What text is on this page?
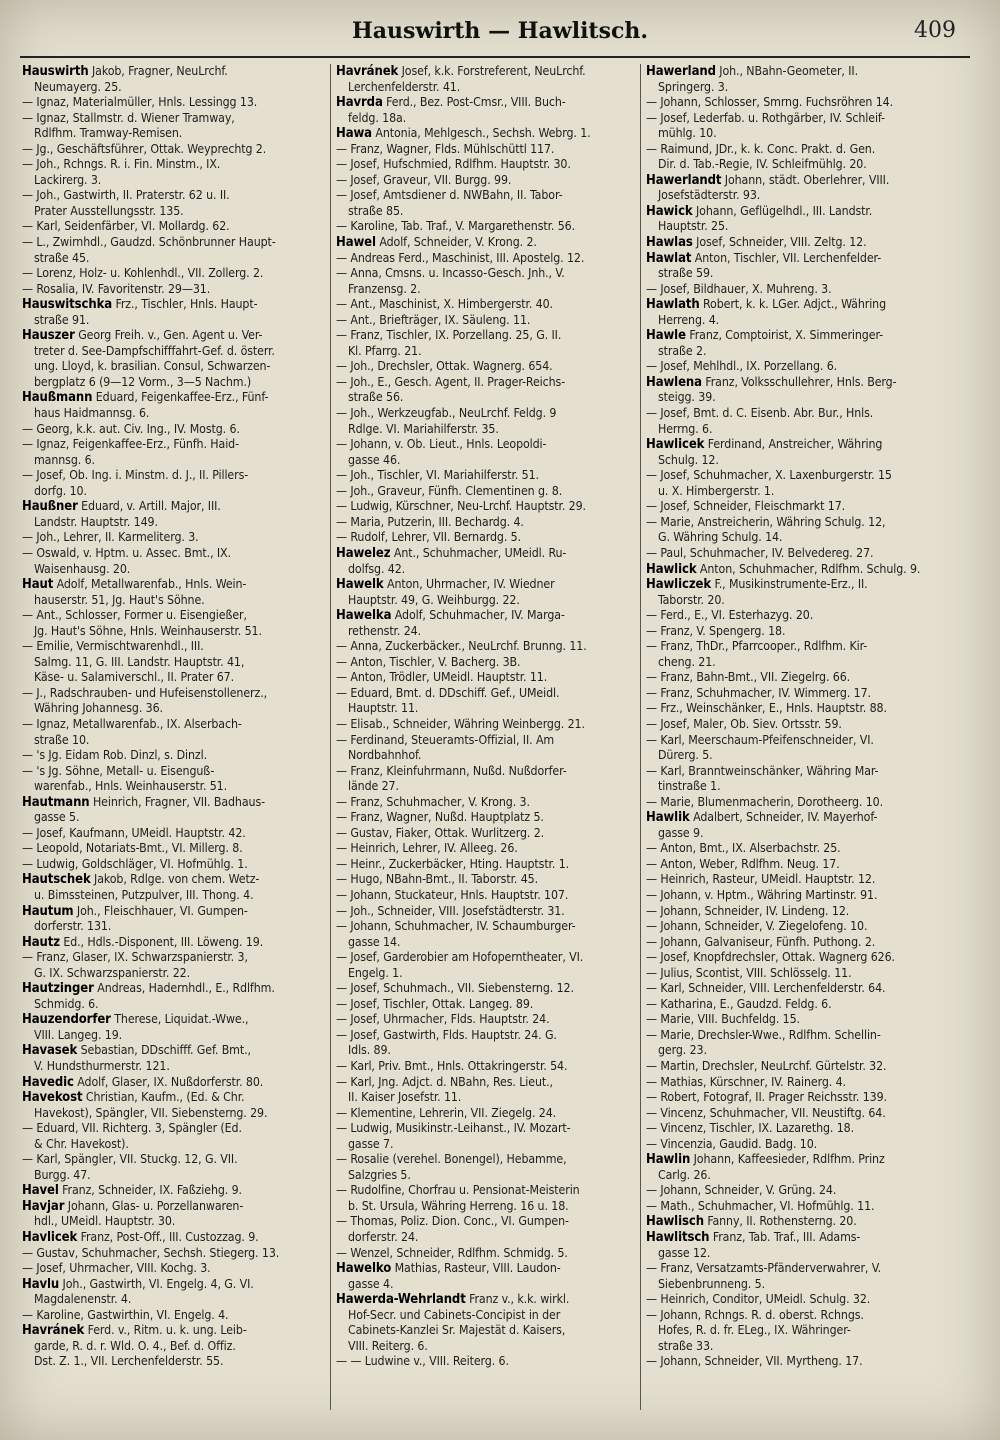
Hauswirth — Hawlitsch.	409
Hauswirth Jakob, Fragner, NeuLrchf.
Neumayerg. 25.
— Ignaz, Materialmüller, Hnls. Lessingg 13.
— Ignaz, Stallmstr. d. Wiener Tramway,
Rdlfhm. Tramway-Remisen.
— Jg., Geschäftsführer, Ottak. Weyprechtg 2.
— Joh., Rchngs. R. i. Fin. Minstm., IX.
Lackirerg. 3.
— Joh., Gastwirth, II. Praterstr. 62 u. II.
Prater Ausstellungsstr. 135.
— Karl, Seidenfärber, VI. Mollardg. 62.
— L., Zwirnhdl., Gaudzd. Schönbrunner Haupt-
straße 45.
— Lorenz, Holz- u. Kohlenhdl., VII. Zollerg. 2.
— Rosalia, IV. Favoritenstr. 29—31.
Hauswitschka Frz., Tischler, Hnls. Haupt-
straße 91.
Hauszer Georg Freih. v., Gen. Agent u. Ver-
treter d. See-Dampfschifffahrt-Gef. d. österr.
ung. Lloyd, k. brasilian. Consul, Schwarzen-
bergplatz 6 (9—12 Vorm., 3—5 Nachm.)
Haußmann Eduard, Feigenkaffee-Erz., Fünf-
haus Haidmannsg. 6.
— Georg, k.k. aut. Civ. Ing., IV. Mostg. 6.
— Ignaz, Feigenkaffee-Erz., Fünfh. Haid-
mannsg. 6.
— Josef, Ob. Ing. i. Minstm. d. J., II. Pillers-
dorfg. 10.
Haußner Eduard, v. Artill. Major, III.
Landstr. Hauptstr. 149.
— Joh., Lehrer, II. Karmeliterg. 3.
— Oswald, v. Hptm. u. Assec. Bmt., IX.
Waisenhausg. 20.
Haut Adolf, Metallwarenfab., Hnls. Wein-
hauserstr. 51, Jg. Haut's Söhne.
— Ant., Schlosser, Former u. Eisengießer,
Jg. Haut's Söhne, Hnls. Weinhauserstr. 51.
— Emilie, Vermischtwarenhdl., III.
Salmg. 11, G. III. Landstr. Hauptstr. 41,
Käse- u. Salamiverschl., II. Prater 67.
— J., Radschrauben- und Hufeisenstollenerz.,
Währing Johannesg. 36.
— Ignaz, Metallwarenfab., IX. Alserbach-
straße 10.
— 's Jg. Eidam Rob. Dinzl, s. Dinzl.
— 's Jg. Söhne, Metall- u. Eisenguß-
warenfab., Hnls. Weinhauserstr. 51.
Hautmann Heinrich, Fragner, VII. Badhaus-
gasse 5.
— Josef, Kaufmann, UMeidl. Hauptstr. 42.
— Leopold, Notariats-Bmt., VI. Millerg. 8.
— Ludwig, Goldschläger, VI. Hofmühlg. 1.
Hautschek Jakob, Rdlge. von chem. Wetz-
u. Bimssteinen, Putzpulver, III. Thong. 4.
Hautum Joh., Fleischhauer, VI. Gumpen-
dorferstr. 131.
Hautz Ed., Hdls.-Disponent, III. Löweng. 19.
— Franz, Glaser, IX. Schwarzspanierstr. 3,
G. IX. Schwarzspanierstr. 22.
Hautzinger Andreas, Hadernhdl., E., Rdlfhm.
Schmidg. 6.
Hauzendorfer Therese, Liquidat.-Wwe.,
VIII. Langeg. 19.
Havasek Sebastian, DDschifff. Gef. Bmt.,
V. Hundsthurmerstr. 121.
Havedic Adolf, Glaser, IX. Nußdorferstr. 80.
Havekost Christian, Kaufm., (Ed. & Chr.
Havekost), Spängler, VII. Siebensterng. 29.
— Eduard, VII. Richterg. 3, Spängler (Ed.
& Chr. Havekost).
— Karl, Spängler, VII. Stuckg. 12, G. VII.
Burgg. 47.
Havel Franz, Schneider, IX. Faßziehg. 9.
Havjar Johann, Glas- u. Porzellanwaren-
hdl., UMeidl. Hauptstr. 30.
Havlicek Franz, Post-Off., III. Custozzag. 9.
— Gustav, Schuhmacher, Sechsh. Stiegerg. 13.
— Josef, Uhrmacher, VIII. Kochg. 3.
Havlu Joh., Gastwirth, VI. Engelg. 4, G. VI.
Magdalenenstr. 4.
— Karoline, Gastwirthin, VI. Engelg. 4.
Havránek Ferd. v., Ritm. u. k. ung. Leib-
garde, R. d. r. Wld. O. 4., Bef. d. Offiz.
Dst. Z. 1., VII. Lerchenfelderstr. 55.
Havránek Josef, k.k. Forstreferent, NeuLrchf.
Lerchenfelderstr. 41.
Havrda Ferd., Bez. Post-Cmsr., VIII. Buch-
feldg. 18a.
Hawa Antonia, Mehlgesch., Sechsh. Webrg. 1.
— Franz, Wagner, Flds. Mühlschüttl 117.
— Josef, Hufschmied, Rdlfhm. Hauptstr. 30.
— Josef, Graveur, VII. Burgg. 99.
— Josef, Amtsdiener d. NWBahn, II. Tabor-
straße 85.
— Karoline, Tab. Traf., V. Margarethenstr. 56.
Hawel Adolf, Schneider, V. Krong. 2.
— Andreas Ferd., Maschinist, III. Apostelg. 12.
— Anna, Cmsns. u. Incasso-Gesch. Jnh., V.
Franzensg. 2.
— Ant., Maschinist, X. Himbergerstr. 40.
— Ant., Briefträger, IX. Säuleng. 11.
— Franz, Tischler, IX. Porzellang. 25, G. II.
Kl. Pfarrg. 21.
— Joh., Drechsler, Ottak. Wagnerg. 654.
— Joh., E., Gesch. Agent, II. Prager-Reichs-
straße 56.
— Joh., Werkzeugfab., NeuLrchf. Feldg. 9
Rdlge. VI. Mariahilferstr. 35.
— Johann, v. Ob. Lieut., Hnls. Leopoldi-
gasse 46.
— Joh., Tischler, VI. Mariahilferstr. 51.
— Joh., Graveur, Fünfh. Clementinen g. 8.
— Ludwig, Kürschner, Neu-Lrchf. Hauptstr. 29.
— Maria, Putzerin, III. Bechardg. 4.
— Rudolf, Lehrer, VII. Bernardg. 5.
Hawelez Ant., Schuhmacher, UMeidl. Ru-
dolfsg. 42.
Hawelk Anton, Uhrmacher, IV. Wiedner
Hauptstr. 49, G. Weihburgg. 22.
Hawelka Adolf, Schuhmacher, IV. Marga-
rethenstr. 24.
— Anna, Zuckerbäcker., NeuLrchf. Brunng. 11.
— Anton, Tischler, V. Bacherg. 3B.
— Anton, Trödler, UMeidl. Hauptstr. 11.
— Eduard, Bmt. d. DDschiff. Gef., UMeidl.
Hauptstr. 11.
— Elisab., Schneider, Währing Weinbergg. 21.
— Ferdinand, Steueramts-Offizial, II. Am
Nordbahnhof.
— Franz, Kleinfuhrmann, Nußd. Nußdorfer-
lände 27.
— Franz, Schuhmacher, V. Krong. 3.
— Franz, Wagner, Nußd. Hauptplatz 5.
— Gustav, Fiaker, Ottak. Wurlitzerg. 2.
— Heinrich, Lehrer, IV. Alleeg. 26.
— Heinr., Zuckerbäcker, Hting. Hauptstr. 1.
— Hugo, NBahn-Bmt., II. Taborstr. 45.
— Johann, Stuckateur, Hnls. Hauptstr. 107.
— Joh., Schneider, VIII. Josefstädterstr. 31.
— Johann, Schuhmacher, IV. Schaumburger-
gasse 14.
— Josef, Garderobier am Hofoperntheater, VI.
Engelg. 1.
— Josef, Schuhmach., VII. Siebensterng. 12.
— Josef, Tischler, Ottak. Langeg. 89.
— Josef, Uhrmacher, Flds. Hauptstr. 24.
— Josef, Gastwirth, Flds. Hauptstr. 24. G.
Idls. 89.
— Karl, Priv. Bmt., Hnls. Ottakringerstr. 54.
— Karl, Jng. Adjct. d. NBahn, Res. Lieut.,
II. Kaiser Josefstr. 11.
— Klementine, Lehrerin, VII. Ziegelg. 24.
— Ludwig, Musikinstr.-Leihanst., IV. Mozart-
gasse 7.
— Rosalie (verehel. Bonengel), Hebamme,
Salzgries 5.
— Rudolfine, Chorfrau u. Pensionat-Meisterin
b. St. Ursula, Währing Herreng. 16 u. 18.
— Thomas, Poliz. Dion. Conc., VI. Gumpen-
dorferstr. 24.
— Wenzel, Schneider, Rdlfhm. Schmidg. 5.
Hawelko Mathias, Rasteur, VIII. Laudon-
gasse 4.
Hawerda-Wehrlandt Franz v., k.k. wirkl.
Hof-Secr. und Cabinets-Concipist in der
Cabinets-Kanzlei Sr. Majestät d. Kaisers,
VIII. Reiterg. 6.
— — Ludwine v., VIII. Reiterg. 6.
Hawerland Joh., NBahn-Geometer, II.
Springerg. 3.
— Johann, Schlosser, Smrng. Fuchsröhren 14.
— Josef, Lederfab. u. Rothgärber, IV. Schleif-
mühlg. 10.
— Raimund, JDr., k. k. Conc. Prakt. d. Gen.
Dir. d. Tab.-Regie, IV. Schleifmühlg. 20.
Hawerlandt Johann, städt. Oberlehrer, VIII.
Josefstädterstr. 93.
Hawick Johann, Geflügelhdl., III. Landstr.
Hauptstr. 25.
Hawlas Josef, Schneider, VIII. Zeltg. 12.
Hawlat Anton, Tischler, VII. Lerchenfelder-
straße 59.
— Josef, Bildhauer, X. Muhreng. 3.
Hawlath Robert, k. k. LGer. Adjct., Währing
Herreng. 4.
Hawle Franz, Comptoirist, X. Simmeringer-
straße 2.
— Josef, Mehlhdl., IX. Porzellang. 6.
Hawlena Franz, Volksschullehrer, Hnls. Berg-
steigg. 39.
— Josef, Bmt. d. C. Eisenb. Abr. Bur., Hnls.
Herrng. 6.
Hawlicek Ferdinand, Anstreicher, Währing
Schulg. 12.
— Josef, Schuhmacher, X. Laxenburgerstr. 15
u. X. Himbergerstr. 1.
— Josef, Schneider, Fleischmarkt 17.
— Marie, Anstreicherin, Währing Schulg. 12,
G. Währing Schulg. 14.
— Paul, Schuhmacher, IV. Belvedereg. 27.
Hawlick Anton, Schuhmacher, Rdlfhm. Schulg. 9.
Hawliczek F., Musikinstrumente-Erz., II.
Taborstr. 20.
— Ferd., E., VI. Esterhazyg. 20.
— Franz, V. Spengerg. 18.
— Franz, ThDr., Pfarrcooper., Rdlfhm. Kir-
cheng. 21.
— Franz, Bahn-Bmt., VII. Ziegelrg. 66.
— Franz, Schuhmacher, IV. Wimmerg. 17.
— Frz., Weinschänker, E., Hnls. Hauptstr. 88.
— Josef, Maler, Ob. Siev. Ortsstr. 59.
— Karl, Meerschaum-Pfeifenschneider, VI.
Dürerg. 5.
— Karl, Branntweinschänker, Währing Mar-
tinstraße 1.
— Marie, Blumenmacherin, Dorotheerg. 10.
Hawlik Adalbert, Schneider, IV. Mayerhof-
gasse 9.
— Anton, Bmt., IX. Alserbachstr. 25.
— Anton, Weber, Rdlfhm. Neug. 17.
— Heinrich, Rasteur, UMeidl. Hauptstr. 12.
— Johann, v. Hptm., Währing Martinstr. 91.
— Johann, Schneider, IV. Lindeng. 12.
— Johann, Schneider, V. Ziegelofeng. 10.
— Johann, Galvaniseur, Fünfh. Puthong. 2.
— Josef, Knopfdrechsler, Ottak. Wagnerg 626.
— Julius, Scontist, VIII. Schlösselg. 11.
— Karl, Schneider, VIII. Lerchenfelderstr. 64.
— Katharina, E., Gaudzd. Feldg. 6.
— Marie, VIII. Buchfeldg. 15.
— Marie, Drechsler-Wwe., Rdlfhm. Schellin-
gerg. 23.
— Martin, Drechsler, NeuLrchf. Gürtelstr. 32.
— Mathias, Kürschner, IV. Rainerg. 4.
— Robert, Fotograf, II. Prager Reichsstr. 139.
— Vincenz, Schuhmacher, VII. Neustiftg. 64.
— Vincenz, Tischler, IX. Lazarethg. 18.
— Vincenzia, Gaudid. Badg. 10.
Hawlin Johann, Kaffeesieder, Rdlfhm. Prinz
Carlg. 26.
— Johann, Schneider, V. Grüng. 24.
— Math., Schuhmacher, VI. Hofmühlg. 11.
Hawlisch Fanny, II. Rothensterng. 20.
Hawlitsch Franz, Tab. Traf., III. Adams-
gasse 12.
— Franz, Versatzamts-Pfänderverwahrer, V.
Siebenbrunneng. 5.
— Heinrich, Conditor, UMeidl. Schulg. 32.
— Johann, Rchngs. R. d. oberst. Rchngs.
Hofes, R. d. fr. ELeg., IX. Währinger-
straße 33.
— Johann, Schneider, VII. Myrtheng. 17.
